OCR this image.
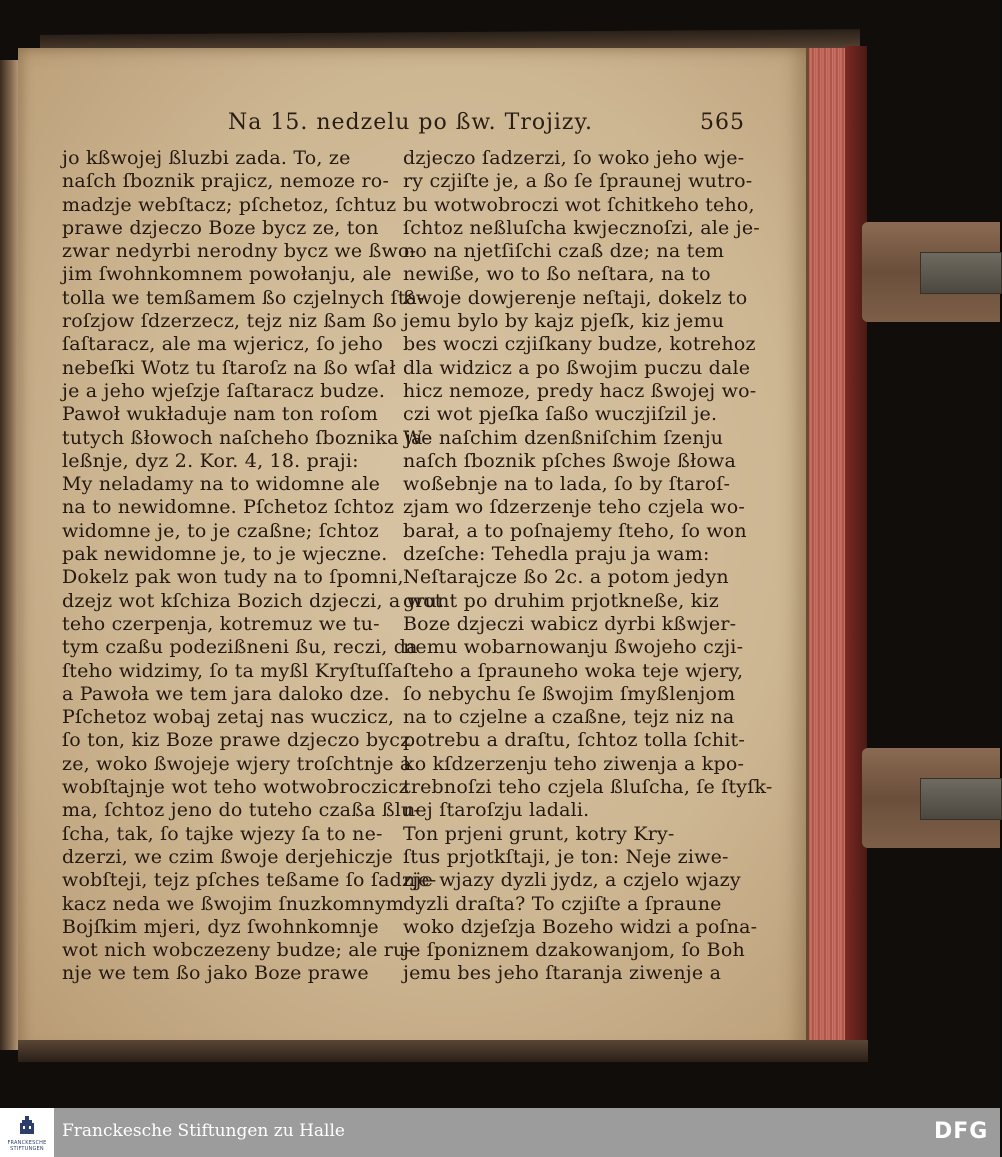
Na 15. nedzelu po ßw. Trojizy.	565
jo kßwojej ßluzbi zada. To, ze
naſch ſboznik prajicz, nemoze ro-
madzje webſtacz; pſchetoz, ſchtuz
prawe dzjeczo Boze bycz ze, ton
zwar nedyrbi nerodny bycz we ßwo-
jim ſwohnkomnem powołanju, ale
tolla we temßamem ßo czjelnych ſta-
roſzjow ſdzerzecz, tejz niz ßam ßo
ſaſtaracz, ale ma wjericz, ſo jeho
nebeſki Wotz tu ſtaroſz na ßo wſał
je a jeho wjeſzje ſaſtaracz budze.
Pawoł wukładuje nam ton roſom
tutych ßłowoch naſcheho ſboznika ja-
leßnje, dyz 2. Kor. 4, 18. praji:
My neladamy na to widomne ale
na to newidomne. Pſchetoz ſchtoz
widomne je, to je czaßne; ſchtoz
pak newidomne je, to je wjeczne.
Dokelz pak won tudy na to ſpomni,
dzejz wot kſchiza Bozich dzjeczi, a wot
teho czerpenja, kotremuz we tu-
tym czaßu podezißneni ßu, reczi, da
ſteho widzimy, ſo ta myßl Kryſtuſſa
a Pawoła we tem jara daloko dze.
Pſchetoz wobaj zetaj nas wuczicz,
ſo ton, kiz Boze prawe dzjeczo bycz
ze, woko ßwojeje wjery troſchtnje a
wobſtajnje wot teho wotwobroczicz
ma, ſchtoz jeno do tuteho czaßa ßlu-
ſcha, tak, ſo tajke wjezy ſa to ne-
dzerzi, we czim ßwoje derjehiczje
wobſteji, tejz pſches teßame ſo ſadzje-
kacz neda we ßwojim ſnuzkomnym
Bojſkim mjeri, dyz ſwohnkomnje
wot nich wobczezeny budze; ale ru-
nje we tem ßo jako Boze prawe
dzjeczo ſadzerzi, ſo woko jeho wje-
ry czjiſte je, a ßo ſe ſpraunej wutro-
bu wotwobroczi wot ſchitkeho teho,
ſchtoz neßluſcha kwjecznoſzi, ale je-
no na njetſiſchi czaß dze; na tem
newiße, wo to ßo neſtara, na to
ßwoje dowjerenje neſtaji, dokelz to
jemu bylo by kajz pjeſk, kiz jemu
bes woczi czjiſkany budze, kotrehoz
dla widzicz a po ßwojim puczu dale
hicz nemoze, predy hacz ßwojej wo-
czi wot pjeſka ſaßo wuczjiſzil je.
We naſchim dzenßniſchim ſzenju
naſch ſboznik pſches ßwoje ßłowa
woßebnje na to lada, ſo by ſtaroſ-
zjam wo ſdzerzenje teho czjela wo-
barał, a to poſnajemy ſteho, ſo won
dzeſche: Tehedla praju ja wam:
Neſtarajcze ßo 2c. a potom jedyn
grunt po druhim prjotkneße, kiz
Boze dzjeczi wabicz dyrbi kßwjer-
nemu wobarnowanju ßwojeho czji-
ſteho a ſprauneho woka teje wjery,
ſo nebychu ſe ßwojim ſmyßlenjom
na to czjelne a czaßne, tejz niz na
potrebu a draſtu, ſchtoz tolla ſchit-
ko kſdzerzenju teho ziwenja a kpo-
trebnoſzi teho czjela ßluſcha, ſe ſtyſk-
nej ſtaroſzju ladali.
Ton prjeni grunt, kotry Kry-
ſtus prjotkſtaji, je ton: Neje ziwe-
nje wjazy dyzli jydz, a czjelo wjazy
dyzli draſta? To czjiſte a ſpraune
woko dzjeſzja Bozeho widzi a poſna-
je ſponiznem dzakowanjom, ſo Boh
jemu bes jeho ſtaranja ziwenje a
FRANCKESCHE
STIFTUNGEN
Franckesche Stiftungen zu Halle	DFG
